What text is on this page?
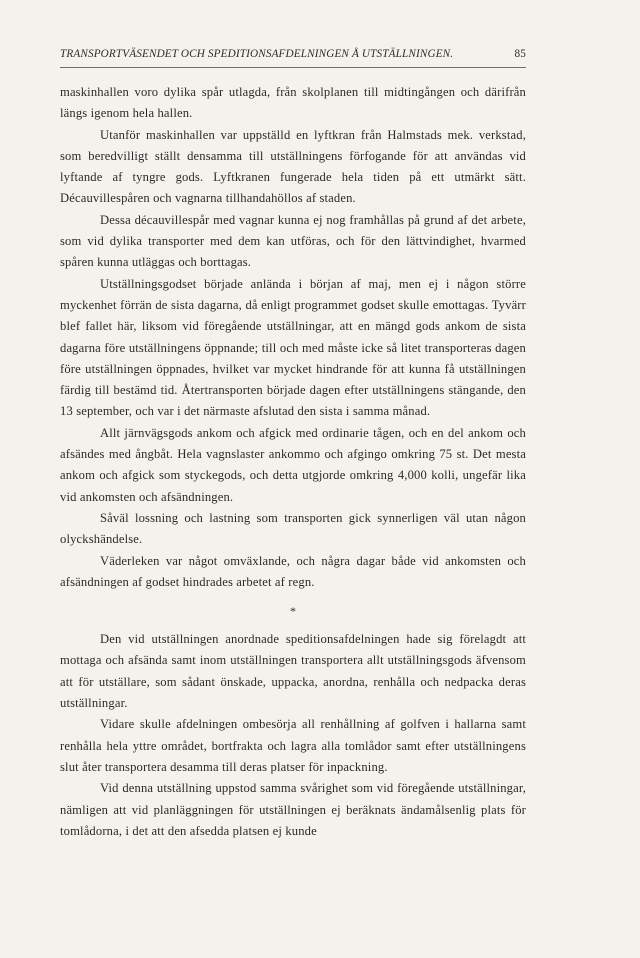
TRANSPORTVÄSENDET OCH SPEDITIONSAFDELNINGEN Å UTSTÄLLNINGEN.	85

maskinhallen voro dylika spår utlagda, från skolplanen till midtingången och därifrån längs igenom hela hallen.

Utanför maskinhallen var uppställd en lyftkran från Halmstads mek. verkstad, som beredvilligt ställt densamma till utställningens förfogande för att användas vid lyftande af tyngre gods. Lyftkranen fungerade hela tiden på ett utmärkt sätt. Décauvillespåren och vagnarna tillhandahöllos af staden.

Dessa décauvillespår med vagnar kunna ej nog framhållas på grund af det arbete, som vid dylika transporter med dem kan utföras, och för den lättvindighet, hvarmed spåren kunna utläggas och borttagas.

Utställningsgodset började anlända i början af maj, men ej i någon större myckenhet förrän de sista dagarna, då enligt programmet godset skulle emottagas. Tyvärr blef fallet här, liksom vid föregående utställningar, att en mängd gods ankom de sista dagarna före utställningens öppnande; till och med måste icke så litet transporteras dagen före utställningen öppnades, hvilket var mycket hindrande för att kunna få utställningen färdig till bestämd tid. Återtransporten började dagen efter utställningens stängande, den 13 september, och var i det närmaste afslutad den sista i samma månad.

Allt järnvägsgods ankom och afgick med ordinarie tågen, och en del ankom och afsändes med ångbåt. Hela vagnslaster ankommo och afgingo omkring 75 st. Det mesta ankom och afgick som styckegods, och detta utgjorde omkring 4,000 kolli, ungefär lika vid ankomsten och afsändningen.

Såväl lossning och lastning som transporten gick synnerligen väl utan någon olyckshändelse.

Väderleken var något omväxlande, och några dagar både vid ankomsten och afsändningen af godset hindrades arbetet af regn.

*

Den vid utställningen anordnade speditionsafdelningen hade sig förelagdt att mottaga och afsända samt inom utställningen transportera allt utställningsgods äfvensom att för utställare, som sådant önskade, uppacka, anordna, renhålla och nedpacka deras utställningar.

Vidare skulle afdelningen ombesörja all renhållning af golfven i hallarna samt renhålla hela yttre området, bortfrakta och lagra alla tomlådor samt efter utställningens slut åter transportera desamma till deras platser för inpackning.

Vid denna utställning uppstod samma svårighet som vid föregående utställningar, nämligen att vid planläggningen för utställningen ej beräknats ändamålsenlig plats för tomlådorna, i det att den afsedda platsen ej kunde
